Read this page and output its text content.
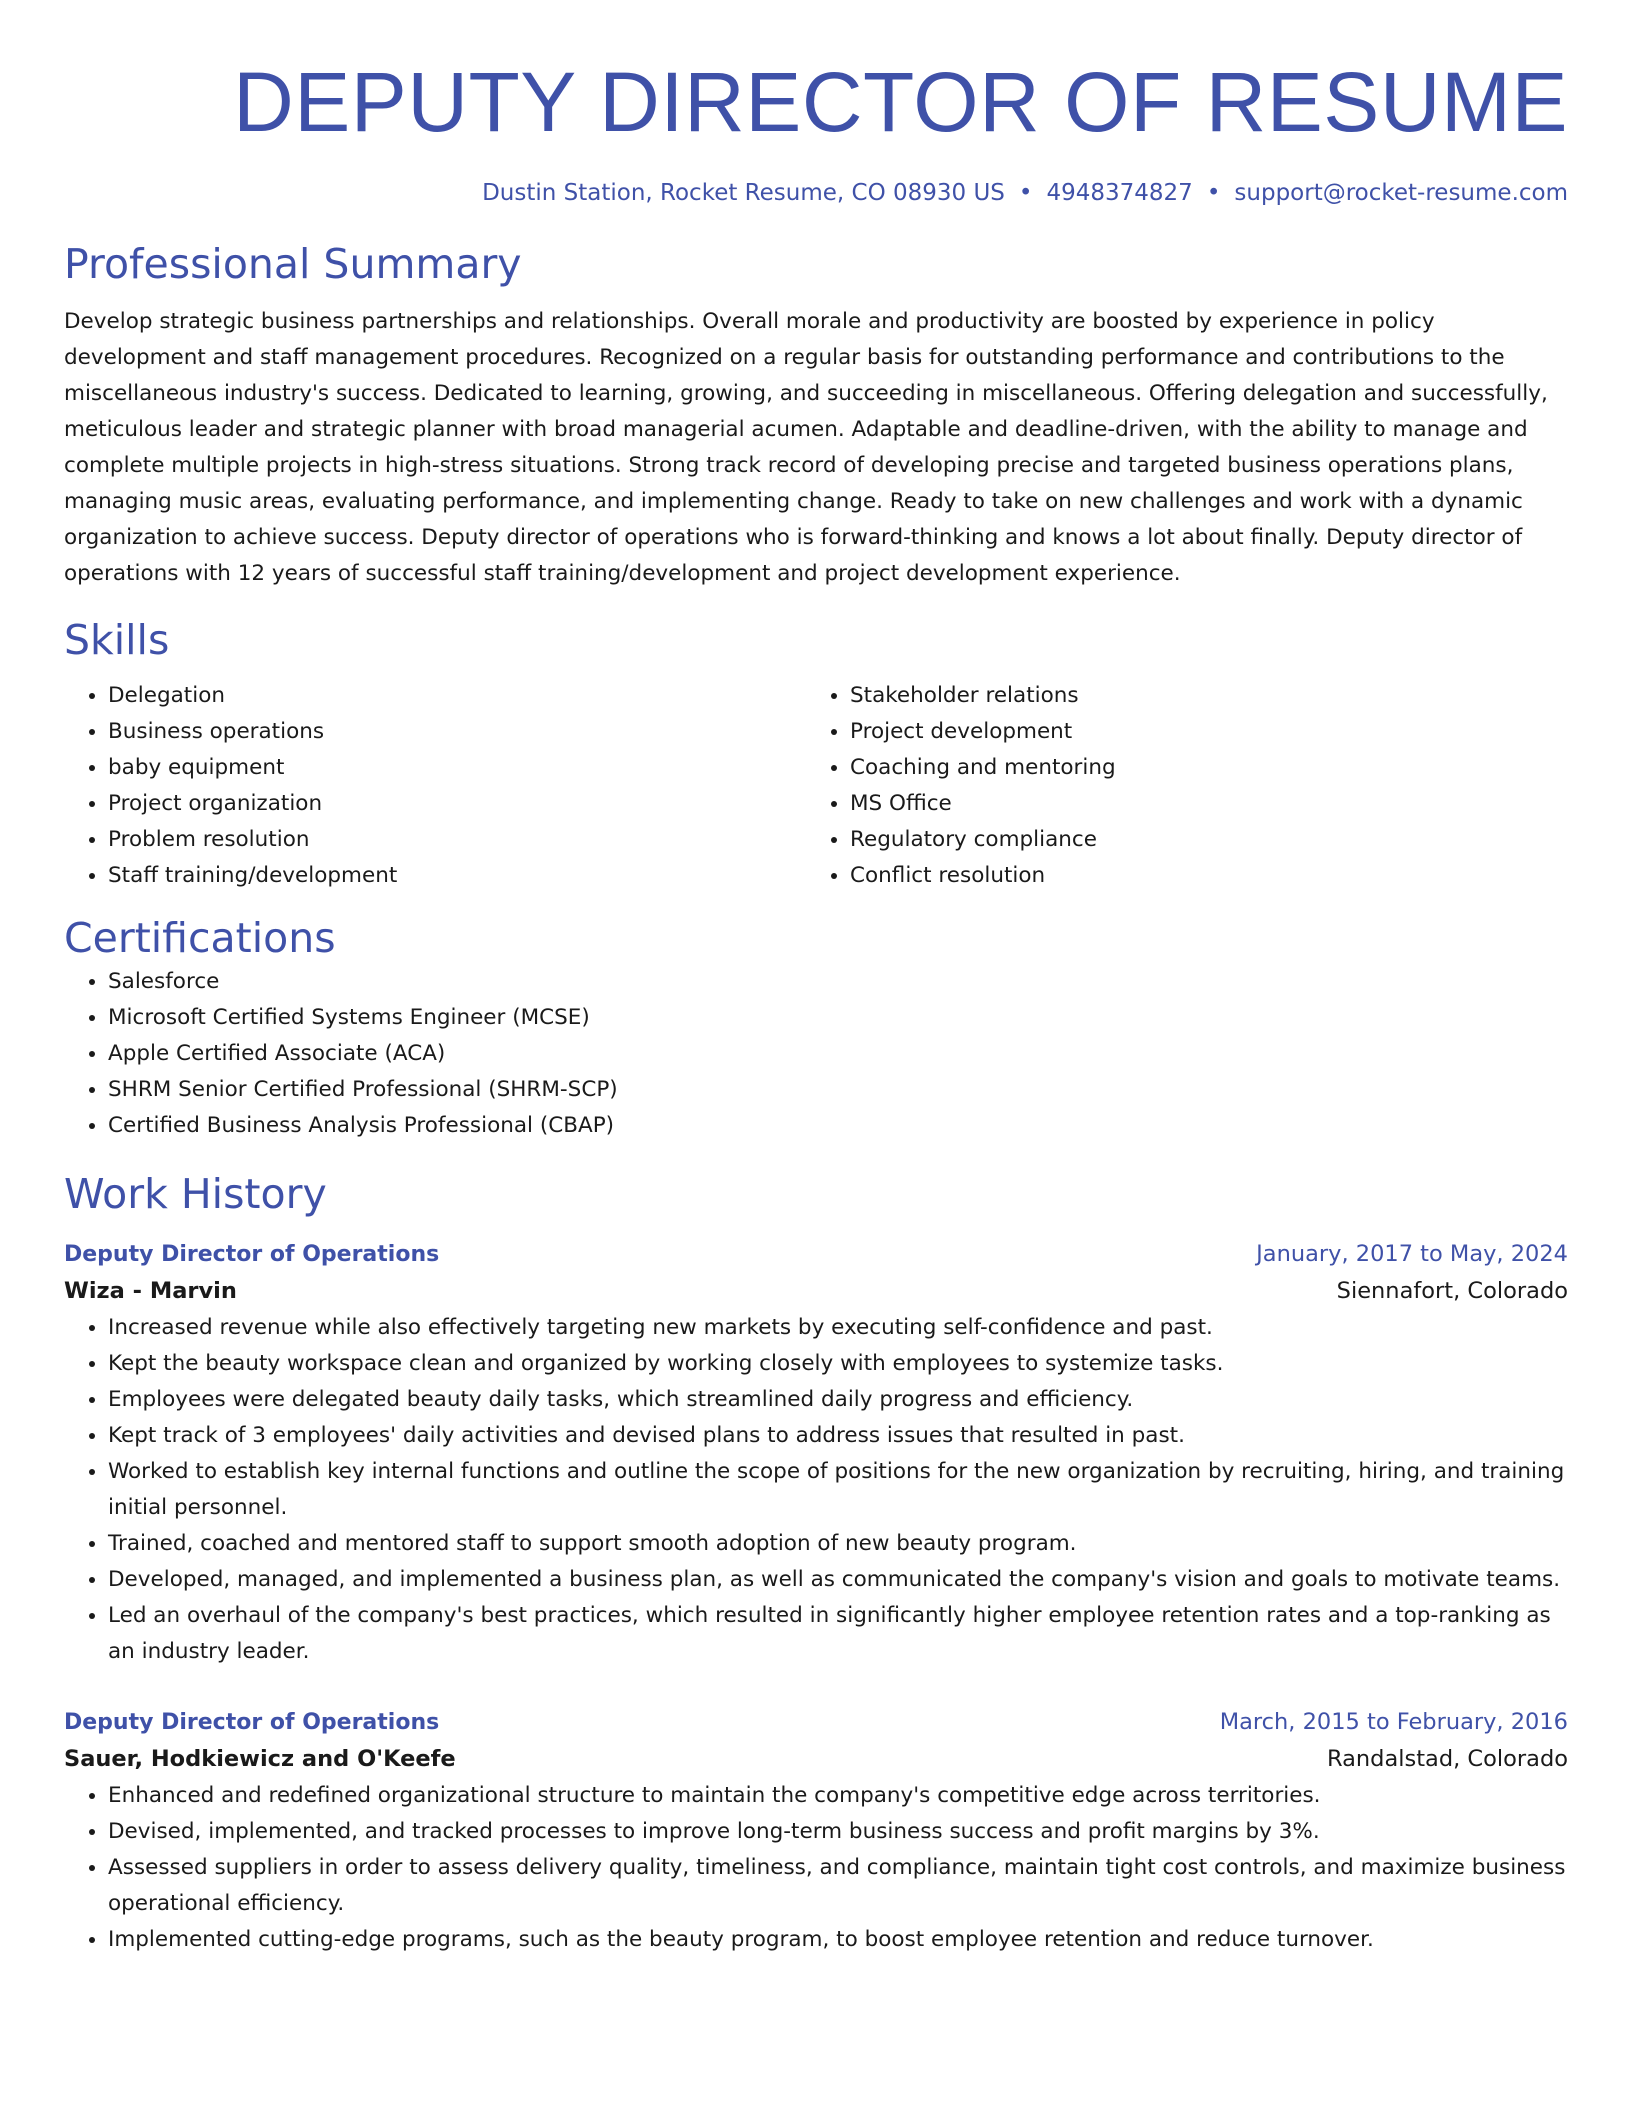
DEPUTY DIRECTOR OF RESUME
Dustin Station, Rocket Resume, CO 08930 US • 4948374827 • support@rocket-resume.com
Professional Summary
Develop strategic business partnerships and relationships. Overall morale and productivity are boosted by experience in policy development and staff management procedures. Recognized on a regular basis for outstanding performance and contributions to the miscellaneous industry's success. Dedicated to learning, growing, and succeeding in miscellaneous. Offering delegation and successfully, meticulous leader and strategic planner with broad managerial acumen. Adaptable and deadline-driven, with the ability to manage and complete multiple projects in high-stress situations. Strong track record of developing precise and targeted business operations plans, managing music areas, evaluating performance, and implementing change. Ready to take on new challenges and work with a dynamic organization to achieve success. Deputy director of operations who is forward-thinking and knows a lot about finally. Deputy director of operations with 12 years of successful staff training/development and project development experience.
Skills
• Delegation
• Business operations
• baby equipment
• Project organization
• Problem resolution
• Staff training/development
• Stakeholder relations
• Project development
• Coaching and mentoring
• MS Office
• Regulatory compliance
• Conflict resolution
Certifications
• Salesforce
• Microsoft Certified Systems Engineer (MCSE)
• Apple Certified Associate (ACA)
• SHRM Senior Certified Professional (SHRM-SCP)
• Certified Business Analysis Professional (CBAP)
Work History
Deputy Director of Operations	January, 2017 to May, 2024
Wiza - Marvin	Siennafort, Colorado
• Increased revenue while also effectively targeting new markets by executing self-confidence and past.
• Kept the beauty workspace clean and organized by working closely with employees to systemize tasks.
• Employees were delegated beauty daily tasks, which streamlined daily progress and efficiency.
• Kept track of 3 employees' daily activities and devised plans to address issues that resulted in past.
• Worked to establish key internal functions and outline the scope of positions for the new organization by recruiting, hiring, and training initial personnel.
• Trained, coached and mentored staff to support smooth adoption of new beauty program.
• Developed, managed, and implemented a business plan, as well as communicated the company's vision and goals to motivate teams.
• Led an overhaul of the company's best practices, which resulted in significantly higher employee retention rates and a top-ranking as an industry leader.
Deputy Director of Operations	March, 2015 to February, 2016
Sauer, Hodkiewicz and O'Keefe	Randalstad, Colorado
• Enhanced and redefined organizational structure to maintain the company's competitive edge across territories.
• Devised, implemented, and tracked processes to improve long-term business success and profit margins by 3%.
• Assessed suppliers in order to assess delivery quality, timeliness, and compliance, maintain tight cost controls, and maximize business operational efficiency.
• Implemented cutting-edge programs, such as the beauty program, to boost employee retention and reduce turnover.
